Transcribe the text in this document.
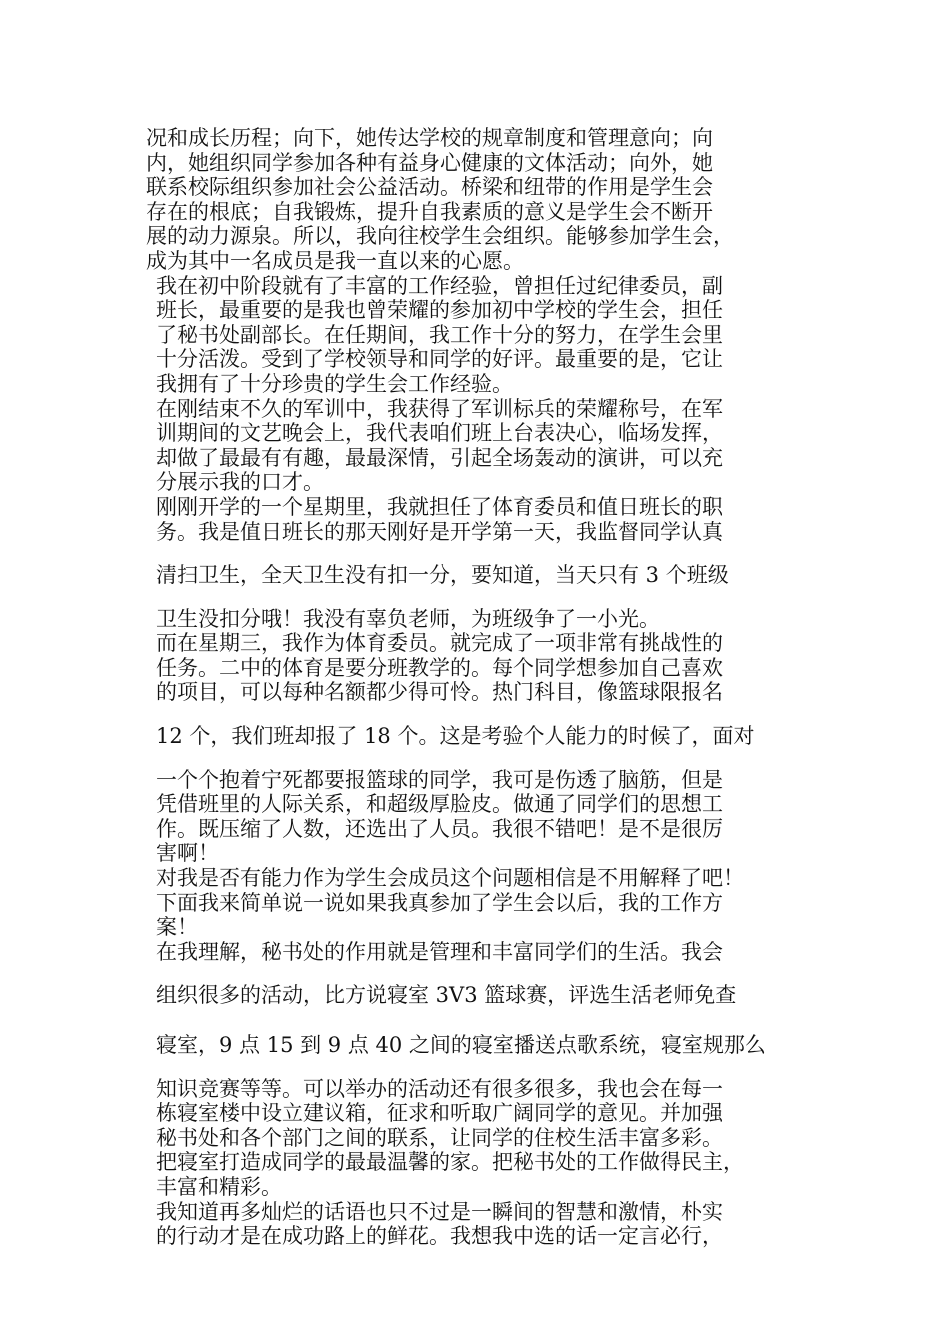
况和成长历程；向下，她传达学校的规章制度和管理意向；向
内，她组织同学参加各种有益身心健康的文体活动；向外，她
联系校际组织参加社会公益活动。桥梁和纽带的作用是学生会
存在的根底；自我锻炼，提升自我素质的意义是学生会不断开
展的动力源泉。所以，我向往校学生会组织。能够参加学生会，
成为其中一名成员是我一直以来的心愿。

我在初中阶段就有了丰富的工作经验，曾担任过纪律委员，副
班长，最重要的是我也曾荣耀的参加初中学校的学生会，担任
了秘书处副部长。在任期间，我工作十分的努力，在学生会里
十分活泼。受到了学校领导和同学的好评。最重要的是，它让
我拥有了十分珍贵的学生会工作经验。

在刚结束不久的军训中，我获得了军训标兵的荣耀称号，在军
训期间的文艺晚会上，我代表咱们班上台表决心，临场发挥，
却做了最最有有趣，最最深情，引起全场轰动的演讲，可以充
分展示我的口才。

刚刚开学的一个星期里，我就担任了体育委员和值日班长的职
务。我是值日班长的那天刚好是开学第一天，我监督同学认真
清扫卫生，全天卫生没有扣一分，要知道，当天只有 3 个班级
卫生没扣分哦！我没有辜负老师，为班级争了一小光。

而在星期三，我作为体育委员。就完成了一项非常有挑战性的
任务。二中的体育是要分班教学的。每个同学想参加自己喜欢
的项目，可以每种名额都少得可怜。热门科目，像篮球限报名
12 个，我们班却报了 18 个。这是考验个人能力的时候了，面对
一个个抱着宁死都要报篮球的同学，我可是伤透了脑筋，但是
凭借班里的人际关系，和超级厚脸皮。做通了同学们的思想工
作。既压缩了人数，还选出了人员。我很不错吧！是不是很厉
害啊！

对我是否有能力作为学生会成员这个问题相信是不用解释了吧！
下面我来简单说一说如果我真参加了学生会以后，我的工作方
案！

在我理解，秘书处的作用就是管理和丰富同学们的生活。我会
组织很多的活动，比方说寝室 3V3 篮球赛，评选生活老师免查
寝室，9 点 15 到 9 点 40 之间的寝室播送点歌系统，寝室规那么
知识竞赛等等。可以举办的活动还有很多很多，我也会在每一
栋寝室楼中设立建议箱，征求和听取广阔同学的意见。并加强
秘书处和各个部门之间的联系，让同学的住校生活丰富多彩。
把寝室打造成同学的最最温馨的家。把秘书处的工作做得民主，
丰富和精彩。

我知道再多灿烂的话语也只不过是一瞬间的智慧和激情，朴实
的行动才是在成功路上的鲜花。我想我中选的话一定言必行，
